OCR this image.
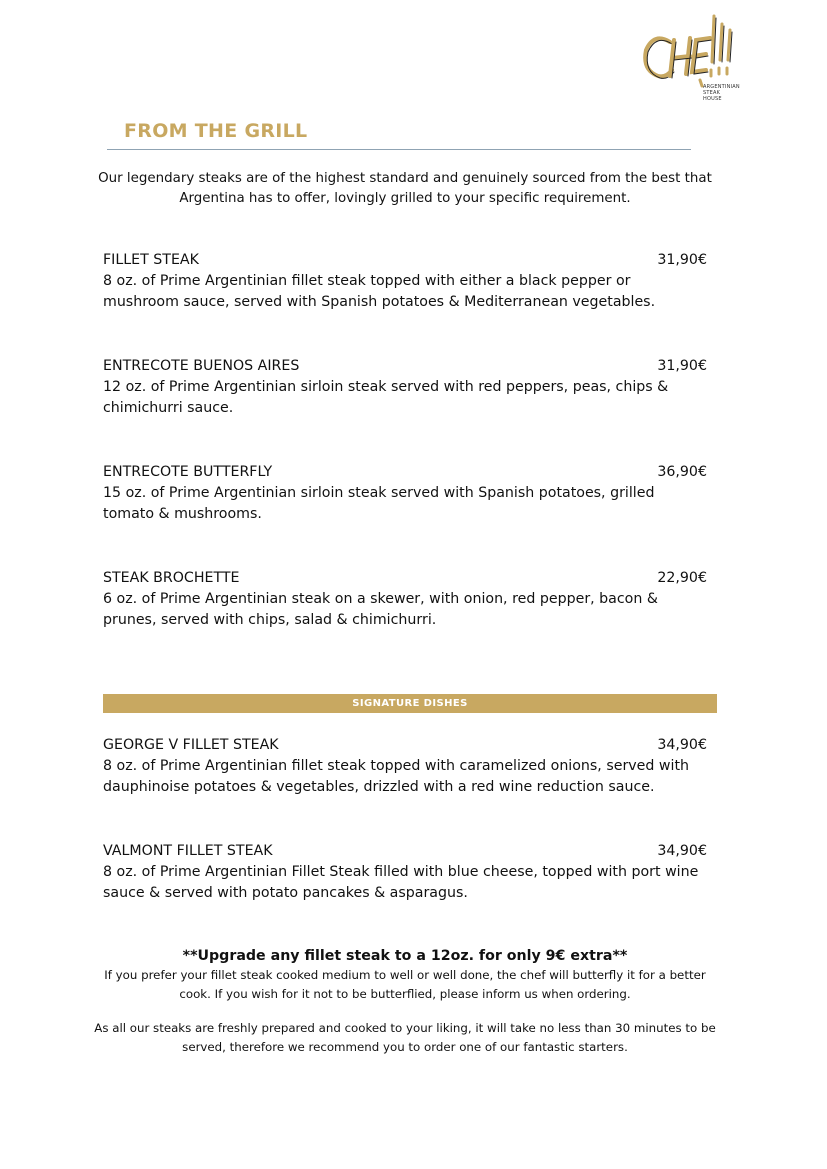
ARGENTINIAN
STEAK HOUSE
FROM THE GRILL

Our legendary steaks are of the highest standard and genuinely sourced from the best that Argentina has to offer, lovingly grilled to your specific requirement.

FILLET STEAK	31,90€

8 oz. of Prime Argentinian fillet steak topped with either a black pepper or mushroom sauce, served with Spanish potatoes & Mediterranean vegetables.

ENTRECOTE BUENOS AIRES	31,90€

12 oz. of Prime Argentinian sirloin steak served with red peppers, peas, chips & chimichurri sauce.

ENTRECOTE BUTTERFLY	36,90€

15 oz. of Prime Argentinian sirloin steak served with Spanish potatoes, grilled tomato & mushrooms.

STEAK BROCHETTE	22,90€

6 oz. of Prime Argentinian steak on a skewer, with onion, red pepper, bacon & prunes, served with chips, salad & chimichurri.

SIGNATURE DISHES
GEORGE V FILLET STEAK	34,90€

8 oz. of Prime Argentinian fillet steak topped with caramelized onions, served with dauphinoise potatoes & vegetables, drizzled with a red wine reduction sauce.

VALMONT FILLET STEAK	34,90€

8 oz. of Prime Argentinian Fillet Steak filled with blue cheese, topped with port wine sauce & served with potato pancakes & asparagus.

**Upgrade any fillet steak to a 12oz. for only 9€ extra**

If you prefer your fillet steak cooked medium to well or well done, the chef will butterfly it for a better cook. If you wish for it not to be butterflied, please inform us when ordering.

As all our steaks are freshly prepared and cooked to your liking, it will take no less than 30 minutes to be served, therefore we recommend you to order one of our fantastic starters.
